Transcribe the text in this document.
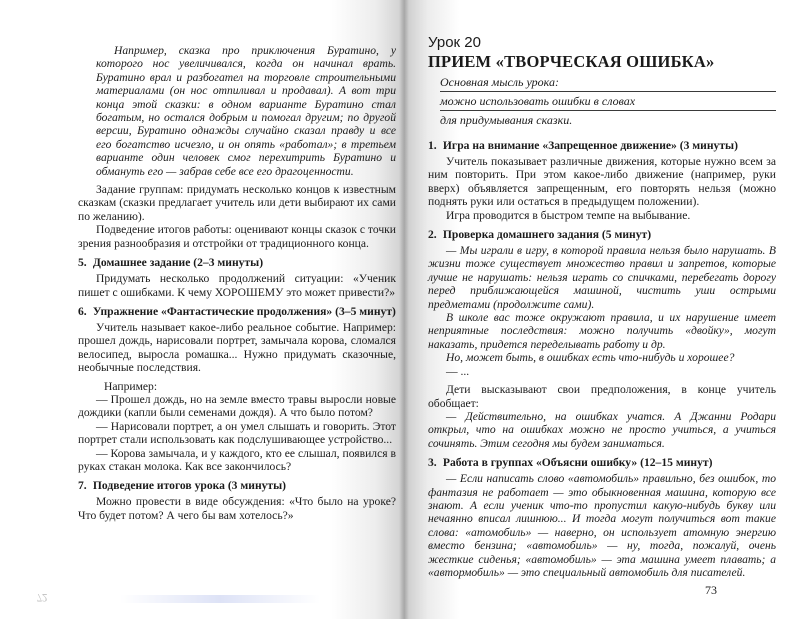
Например, сказка про приключения Буратино, у которого нос увеличивался, когда он начинал врать. Буратино врал и разбогател на торговле строительными материалами (он нос отпиливал и продавал). А вот три конца этой сказки: в одном варианте Буратино стал богатым, но остался добрым и помогал другим; по другой версии, Буратино однажды случайно сказал правду и все его богатство исчезло, и он опять «работал»; в третьем варианте один человек смог перехитрить Буратино и обмануть его — забрав себе все его драгоценности.

Задание группам: придумать несколько концов к известным сказкам (сказки предлагает учитель или дети выбирают их сами по желанию).

Подведение итогов работы: оценивают концы сказок с точки зрения разнообразия и отстройки от традиционного конца.

5. Домашнее задание (2–3 минуты)

Придумать несколько продолжений ситуации: «Ученик пишет с ошибками. К чему ХОРОШЕМУ это может привести?»

6. Упражнение «Фантастические продолжения» (3–5 минут)

Учитель называет какое-либо реальное событие. Например: прошел дождь, нарисовали портрет, замычала корова, сломался велосипед, выросла ромашка... Нужно придумать сказочные, необычные последствия.

Например:

— Прошел дождь, но на земле вместо травы выросли новые дождики (капли были семенами дождя). А что было потом?

— Нарисовали портрет, а он умел слышать и говорить. Этот портрет стали использовать как подслушивающее устройство...

— Корова замычала, и у каждого, кто ее слышал, появился в руках стакан молока. Как все закончилось?

7. Подведение итогов урока (3 минуты)

Можно провести в виде обсуждения: «Что было на уроке? Что будет потом? А чего бы вам хотелось?»

72

Урок 20

ПРИЕМ «ТВОРЧЕСКАЯ ОШИБКА»

Основная мысль урока:
можно использовать ошибки в словах
для придумывания сказки.
1. Игра на внимание «Запрещенное движение» (3 минуты)

Учитель показывает различные движения, которые нужно всем за ним повторить. При этом какое-либо движение (например, руки вверх) объявляется запрещенным, его повторять нельзя (можно поднять руки или остаться в предыдущем положении).

Игра проводится в быстром темпе на выбывание.

2. Проверка домашнего задания (5 минут)

— Мы играли в игру, в которой правила нельзя было нарушать. В жизни тоже существует множество правил и запретов, которые лучше не нарушать: нельзя играть со спичками, перебегать дорогу перед приближающейся машиной, чистить уши острыми предметами (продолжите сами).

В школе вас тоже окружают правила, и их нарушение имеет неприятные последствия: можно получить «двойку», могут наказать, придется переделывать работу и др.

Но, может быть, в ошибках есть что-нибудь и хорошее?

— ...

Дети высказывают свои предположения, в конце учитель обобщает:

— Действительно, на ошибках учатся. А Джанни Родари открыл, что на ошибках можно не просто учиться, а учиться сочинять. Этим сегодня мы будем заниматься.

3. Работа в группах «Объясни ошибку» (12–15 минут)

— Если написать слово «автомобиль» правильно, без ошибок, то фантазия не работает — это обыкновенная машина, которую все знают. А если ученик что-то пропустил какую-нибудь букву или нечаянно вписал лишнюю... И тогда могут получиться вот такие слова: «атомобиль» — наверно, он использует атомную энергию вместо бензина; «автомобиль» — ну, тогда, пожалуй, очень жесткие сиденья; «автомобиль» — эта машина умеет плавать; а «автормобиль» — это специальный автомобиль для писателей.

73
